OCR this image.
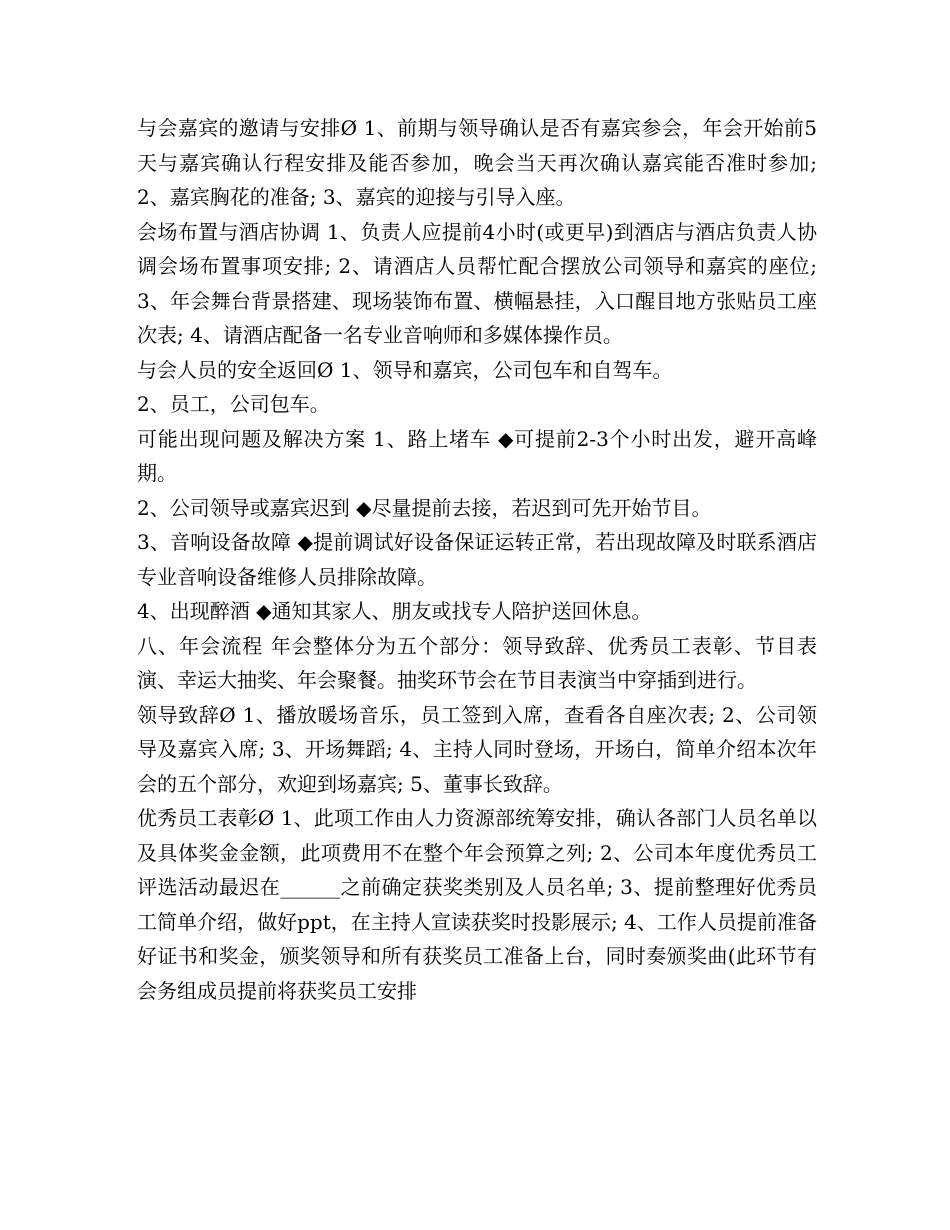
与会嘉宾的邀请与安排Ø 1、前期与领导确认是否有嘉宾参会，年会开始前5天与嘉宾确认行程安排及能否参加，晚会当天再次确认嘉宾能否准时参加; 2、嘉宾胸花的准备; 3、嘉宾的迎接与引导入座。

会场布置与酒店协调 1、负责人应提前4小时(或更早)到酒店与酒店负责人协调会场布置事项安排; 2、请酒店人员帮忙配合摆放公司领导和嘉宾的座位; 3、年会舞台背景搭建、现场装饰布置、横幅悬挂，入口醒目地方张贴员工座次表; 4、请酒店配备一名专业音响师和多媒体操作员。

与会人员的安全返回Ø 1、领导和嘉宾，公司包车和自驾车。

2、员工，公司包车。

可能出现问题及解决方案 1、路上堵车 ◆可提前2-3个小时出发，避开高峰期。

2、公司领导或嘉宾迟到 ◆尽量提前去接，若迟到可先开始节目。

3、音响设备故障 ◆提前调试好设备保证运转正常，若出现故障及时联系酒店专业音响设备维修人员排除故障。

4、出现醉酒 ◆通知其家人、朋友或找专人陪护送回休息。

八、年会流程 年会整体分为五个部分：领导致辞、优秀员工表彰、节目表演、幸运大抽奖、年会聚餐。抽奖环节会在节目表演当中穿插到进行。

领导致辞Ø 1、播放暖场音乐，员工签到入席，查看各自座次表; 2、公司领导及嘉宾入席; 3、开场舞蹈; 4、主持人同时登场，开场白，简单介绍本次年会的五个部分，欢迎到场嘉宾; 5、董事长致辞。

优秀员工表彰Ø 1、此项工作由人力资源部统筹安排，确认各部门人员名单以及具体奖金金额，此项费用不在整个年会预算之列; 2、公司本年度优秀员工评选活动最迟在______之前确定获奖类别及人员名单; 3、提前整理好优秀员工简单介绍，做好ppt，在主持人宣读获奖时投影展示; 4、工作人员提前准备好证书和奖金，颁奖领导和所有获奖员工准备上台，同时奏颁奖曲(此环节有会务组成员提前将获奖员工安排
